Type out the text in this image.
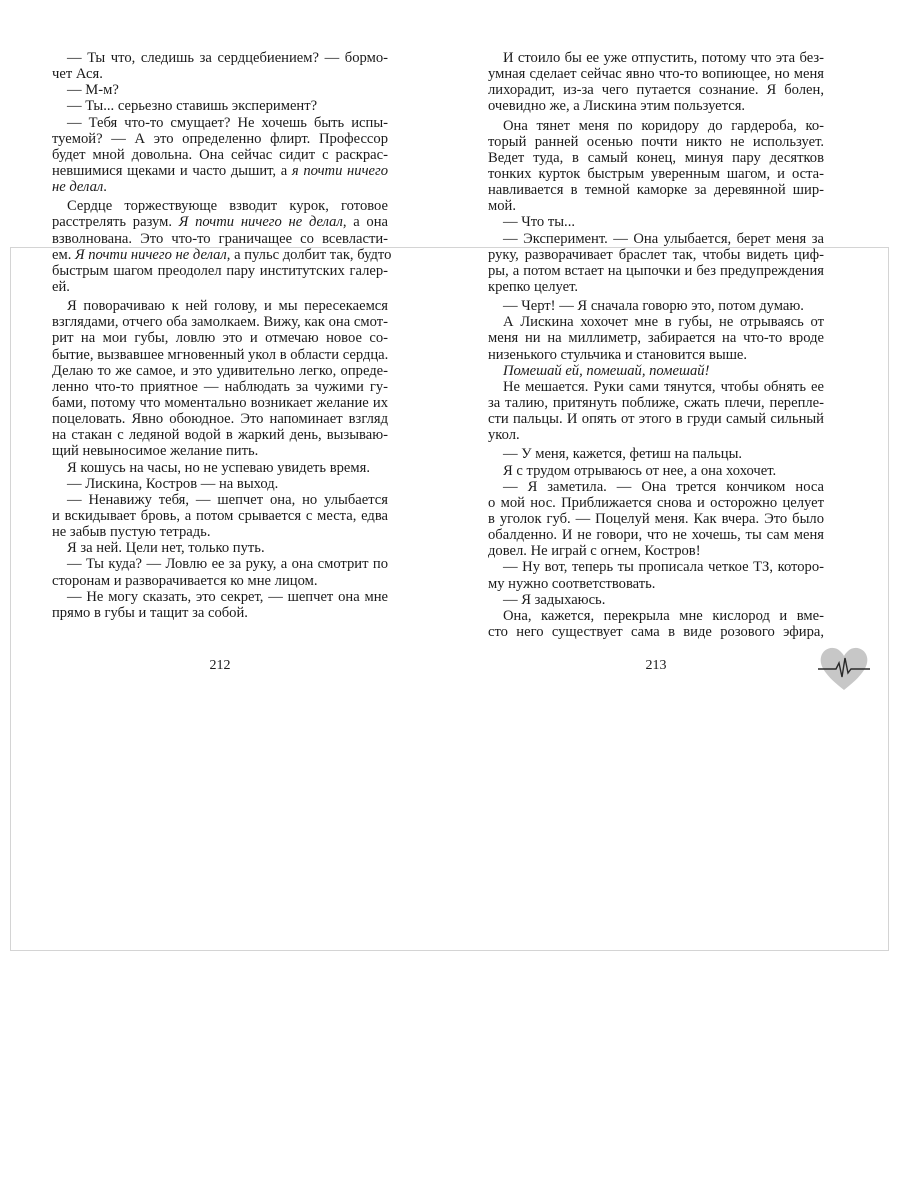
— Ты что, следишь за сердцебиением? — бормо-
чет Ася.
— М-м?
— Ты... серьезно ставишь эксперимент?
— Тебя что-то смущает? Не хочешь быть испы-
туемой? — А это определенно флирт. Профессор
будет мной довольна. Она сейчас сидит с раскрас-
невшимися щеками и часто дышит, а я почти ничего
не делал.
Сердце торжествующе взводит курок, готовое
расстрелять разум. Я почти ничего не делал, а она
взволнована. Это что-то граничащее со всевласти-
ем. Я почти ничего не делал, а пульс долбит так, будто
быстрым шагом преодолел пару институтских галер-
ей.
Я поворачиваю к ней голову, и мы пересекаемся
взглядами, отчего оба замолкаем. Вижу, как она смот-
рит на мои губы, ловлю это и отмечаю новое со-
бытие, вызвавшее мгновенный укол в области сердца.
Делаю то же самое, и это удивительно легко, опреде-
ленно что-то приятное — наблюдать за чужими гу-
бами, потому что моментально возникает желание их
поцеловать. Явно обоюдное. Это напоминает взгляд
на стакан с ледяной водой в жаркий день, вызываю-
щий невыносимое желание пить.
Я кошусь на часы, но не успеваю увидеть время.
— Лискина, Костров — на выход.
— Ненавижу тебя, — шепчет она, но улыбается
и вскидывает бровь, а потом срывается с места, едва
не забыв пустую тетрадь.
Я за ней. Цели нет, только путь.
— Ты куда? — Ловлю ее за руку, а она смотрит по
сторонам и разворачивается ко мне лицом.
— Не могу сказать, это секрет, — шепчет она мне
прямо в губы и тащит за собой.
И стоило бы ее уже отпустить, потому что эта без-
умная сделает сейчас явно что-то вопиющее, но меня
лихорадит, из-за чего путается сознание. Я болен,
очевидно же, а Лискина этим пользуется.
Она тянет меня по коридору до гардероба, ко-
торый ранней осенью почти никто не использует.
Ведет туда, в самый конец, минуя пару десятков
тонких курток быстрым уверенным шагом, и оста-
навливается в темной каморке за деревянной шир-
мой.
— Что ты...
— Эксперимент. — Она улыбается, берет меня за
руку, разворачивает браслет так, чтобы видеть циф-
ры, а потом встает на цыпочки и без предупреждения
крепко целует.
— Черт! — Я сначала говорю это, потом думаю.
А Лискина хохочет мне в губы, не отрываясь от
меня ни на миллиметр, забирается на что-то вроде
низенького стульчика и становится выше.
Помешай ей, помешай, помешай!
Не мешается. Руки сами тянутся, чтобы обнять ее
за талию, притянуть поближе, сжать плечи, перепле-
сти пальцы. И опять от этого в груди самый сильный
укол.
— У меня, кажется, фетиш на пальцы.
Я с трудом отрываюсь от нее, а она хохочет.
— Я заметила. — Она трется кончиком носа
о мой нос. Приближается снова и осторожно целует
в уголок губ. — Поцелуй меня. Как вчера. Это было
обалденно. И не говори, что не хочешь, ты сам меня
довел. Не играй с огнем, Костров!
— Ну вот, теперь ты прописала четкое ТЗ, которо-
му нужно соответствовать.
— Я задыхаюсь.
Она, кажется, перекрыла мне кислород и вме-
сто него существует сама в виде розового эфира,
212	213
